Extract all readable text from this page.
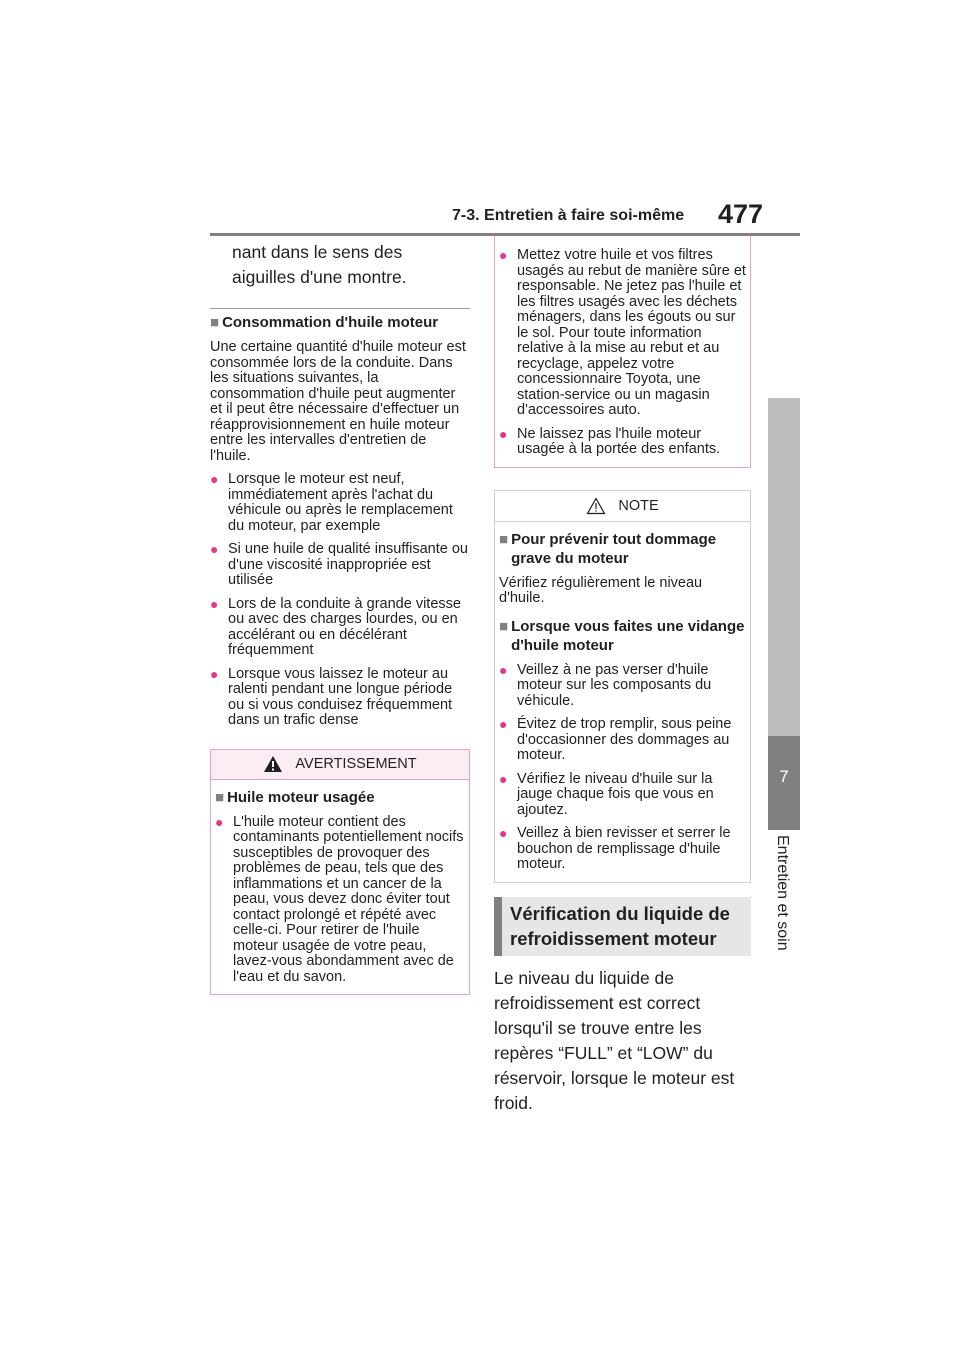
7-3. Entretien à faire soi-même 477
7
Entretien et soin
nant dans le sens des aiguilles d'une montre.
■ Consommation d'huile moteur
Une certaine quantité d'huile moteur est consommée lors de la conduite. Dans les situations suivantes, la consommation d'huile peut augmenter et il peut être nécessaire d'effectuer un réapprovisionnement en huile moteur entre les intervalles d'entretien de l'huile.
● Lorsque le moteur est neuf, immédiatement après l'achat du véhicule ou après le remplacement du moteur, par exemple
● Si une huile de qualité insuffisante ou d'une viscosité inappropriée est utilisée
● Lors de la conduite à grande vitesse ou avec des charges lourdes, ou en accélérant ou en décélérant fréquemment
● Lorsque vous laissez le moteur au ralenti pendant une longue période ou si vous conduisez fréquemment dans un trafic dense
AVERTISSEMENT
■ Huile moteur usagée
● L'huile moteur contient des contaminants potentiellement nocifs susceptibles de provoquer des problèmes de peau, tels que des inflammations et un cancer de la peau, vous devez donc éviter tout contact prolongé et répété avec celle-ci. Pour retirer de l'huile moteur usagée de votre peau, lavez-vous abondamment avec de l'eau et du savon.
● Mettez votre huile et vos filtres usagés au rebut de manière sûre et responsable. Ne jetez pas l'huile et les filtres usagés avec les déchets ménagers, dans les égouts ou sur le sol. Pour toute information relative à la mise au rebut et au recyclage, appelez votre concessionnaire Toyota, une station-service ou un magasin d'accessoires auto.
● Ne laissez pas l'huile moteur usagée à la portée des enfants.
NOTE
■ Pour prévenir tout dommage grave du moteur
Vérifiez régulièrement le niveau d'huile.
■ Lorsque vous faites une vidange d'huile moteur
● Veillez à ne pas verser d'huile moteur sur les composants du véhicule.
● Évitez de trop remplir, sous peine d'occasionner des dommages au moteur.
● Vérifiez le niveau d'huile sur la jauge chaque fois que vous en ajoutez.
● Veillez à bien revisser et serrer le bouchon de remplissage d'huile moteur.
Vérification du liquide de refroidissement moteur
Le niveau du liquide de refroidissement est correct lorsqu'il se trouve entre les repères “FULL” et “LOW” du réservoir, lorsque le moteur est froid.
